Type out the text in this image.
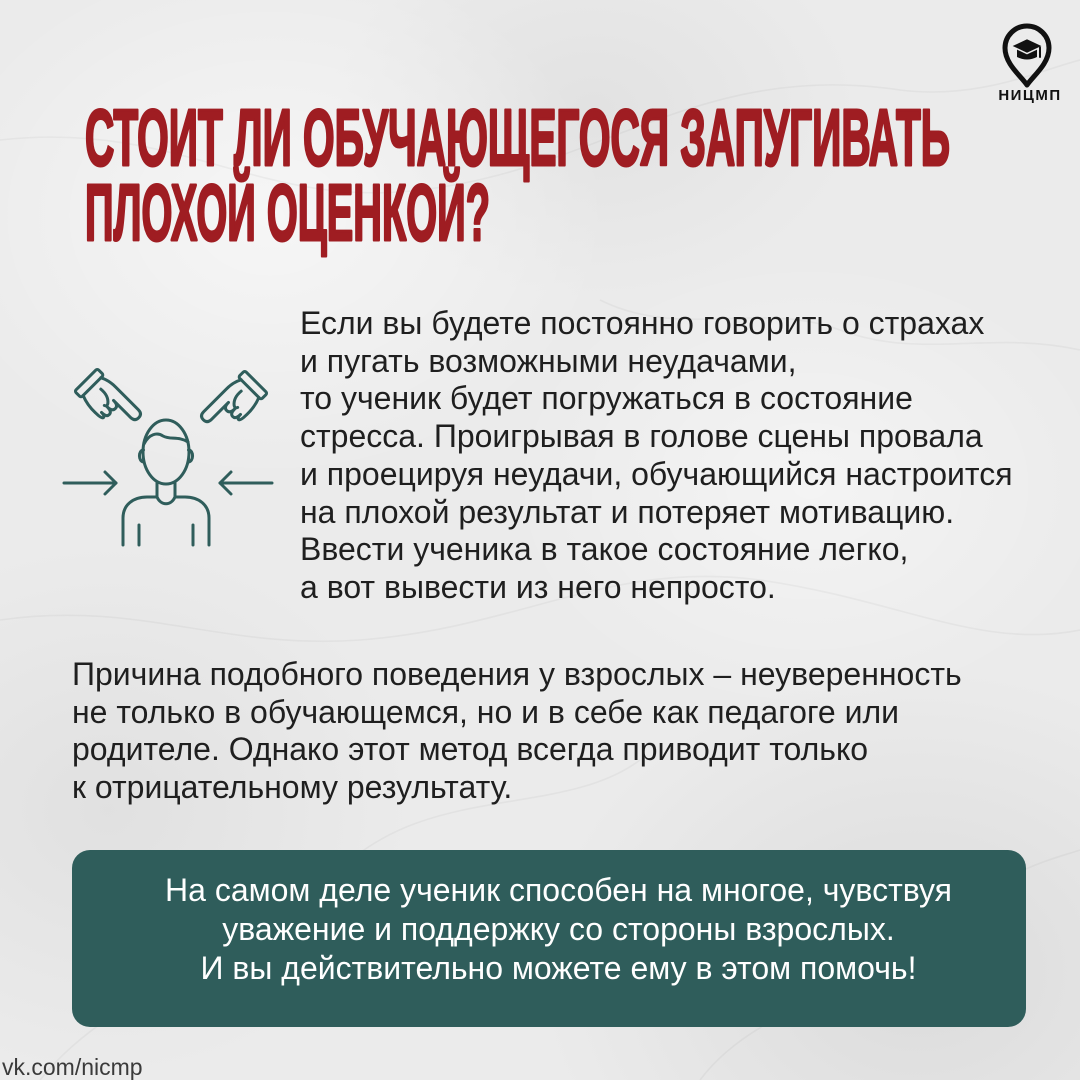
НИЦМП
СТОИТ ЛИ ОБУЧАЮЩЕГОСЯ ЗАПУГИВАТЬ
ПЛОХОЙ ОЦЕНКОЙ?
Если вы будете постоянно говорить о страхах
и пугать возможными неудачами,
то ученик будет погружаться в состояние
стресса. Проигрывая в голове сцены провала
и проецируя неудачи, обучающийся настроится
на плохой результат и потеряет мотивацию.
Ввести ученика в такое состояние легко,
а вот вывести из него непросто.
Причина подобного поведения у взрослых – неуверенность
не только в обучающемся, но и в себе как педагоге или
родителе. Однако этот метод всегда приводит только
к отрицательному результату.
На самом деле ученик способен на многое, чувствуя
уважение и поддержку со стороны взрослых.
И вы действительно можете ему в этом помочь!
vk.com/nicmp
